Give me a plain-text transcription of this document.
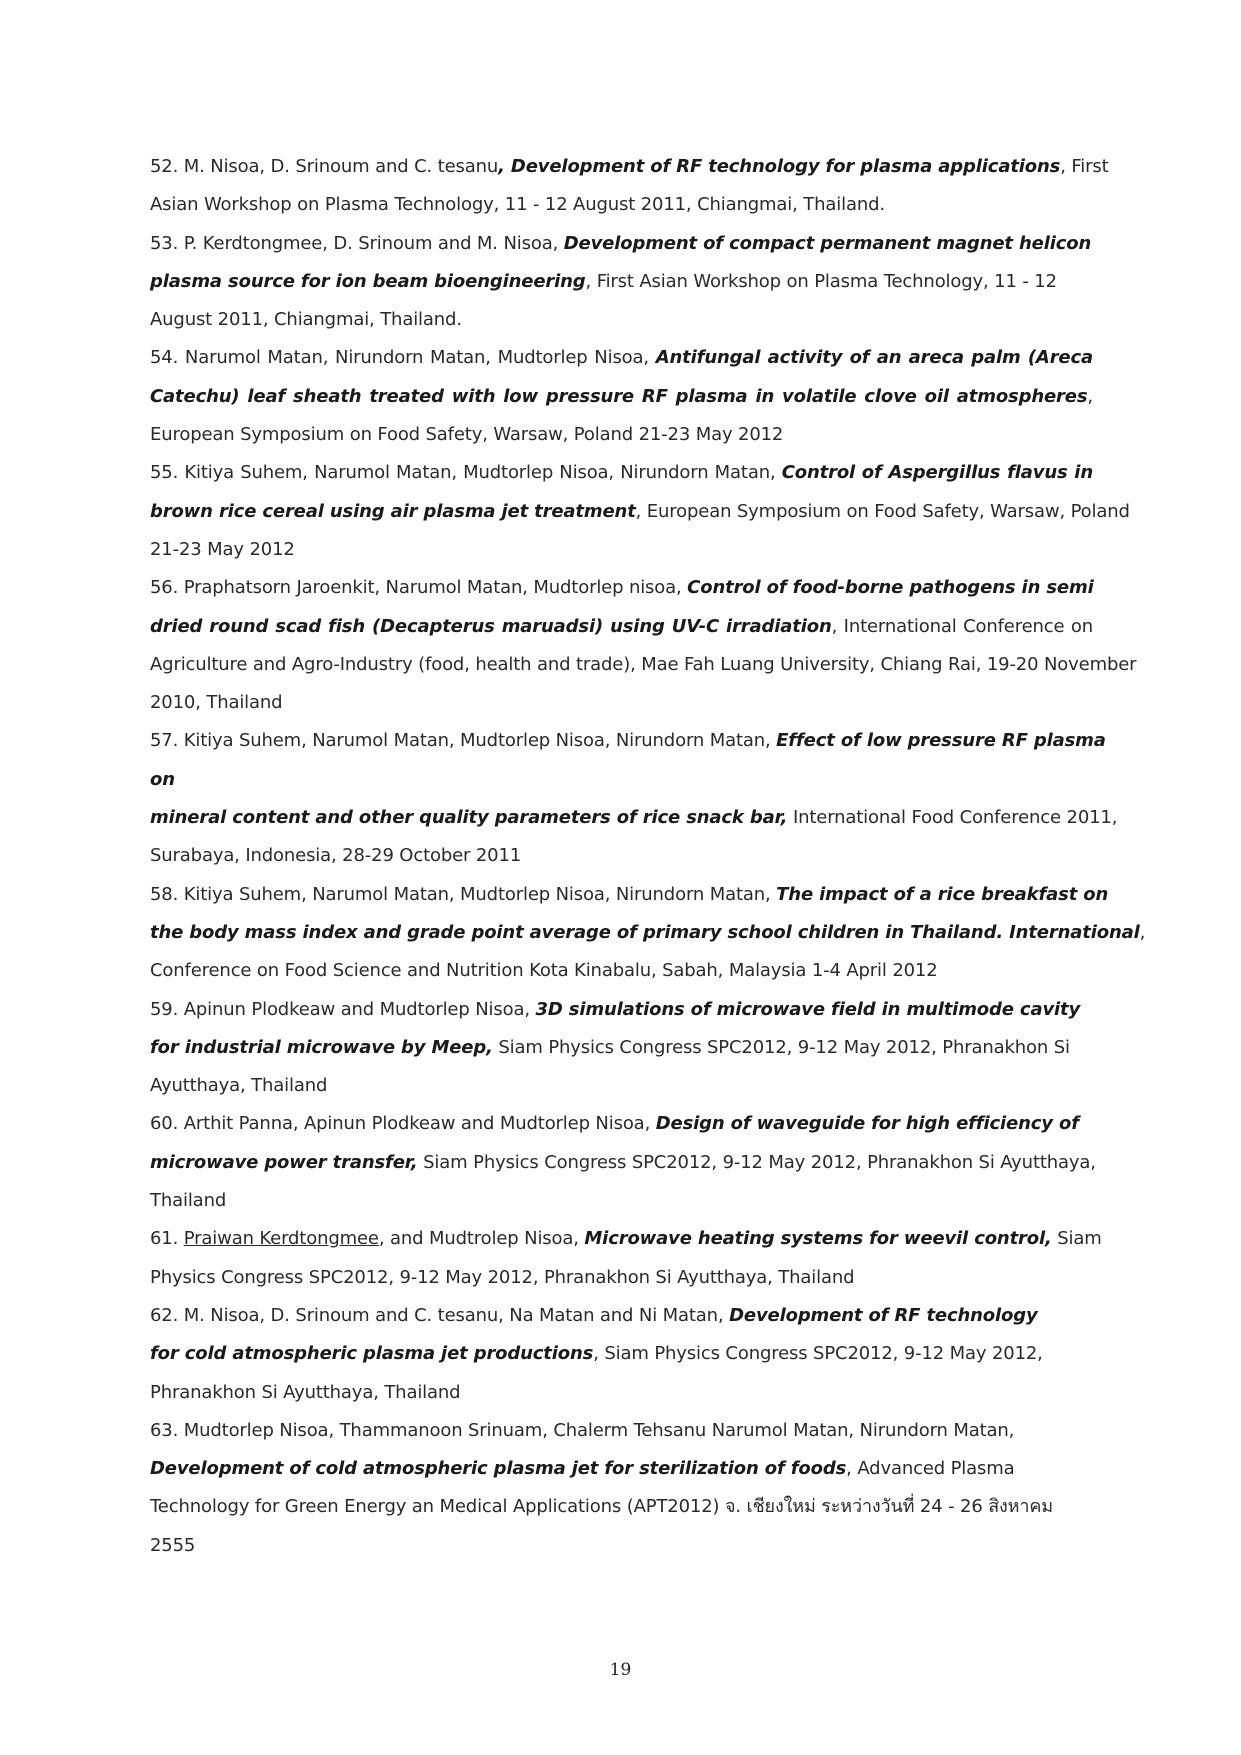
52. M. Nisoa, D. Srinoum and C. tesanu, Development of RF technology for plasma applications, First
Asian Workshop on Plasma Technology, 11 - 12 August 2011, Chiangmai, Thailand.
53. P. Kerdtongmee, D. Srinoum and M. Nisoa, Development of compact permanent magnet helicon
plasma source for ion beam bioengineering, First Asian Workshop on Plasma Technology, 11 - 12
August 2011, Chiangmai, Thailand.
54. Narumol Matan, Nirundorn Matan, Mudtorlep Nisoa, Antifungal activity of an areca palm (Areca
Catechu) leaf sheath treated with low pressure RF plasma in volatile clove oil atmospheres,
European Symposium on Food Safety, Warsaw, Poland 21-23 May 2012
55. Kitiya Suhem, Narumol Matan, Mudtorlep Nisoa, Nirundorn Matan, Control of Aspergillus flavus in
brown rice cereal using air plasma jet treatment, European Symposium on Food Safety, Warsaw, Poland
21-23 May 2012
56. Praphatsorn Jaroenkit, Narumol Matan, Mudtorlep nisoa, Control of food-borne pathogens in semi
dried round scad fish (Decapterus maruadsi) using UV-C irradiation, International Conference on
Agriculture and Agro-Industry (food, health and trade), Mae Fah Luang University, Chiang Rai, 19-20 November
2010, Thailand
57. Kitiya Suhem, Narumol Matan, Mudtorlep Nisoa, Nirundorn Matan, Effect of low pressure RF plasma
on
mineral content and other quality parameters of rice snack bar, International Food Conference 2011,
Surabaya, Indonesia, 28-29 October 2011
58. Kitiya Suhem, Narumol Matan, Mudtorlep Nisoa, Nirundorn Matan, The impact of a rice breakfast on
the body mass index and grade point average of primary school children in Thailand. International,
Conference on Food Science and Nutrition Kota Kinabalu, Sabah, Malaysia 1-4 April 2012
59. Apinun Plodkeaw and Mudtorlep Nisoa, 3D simulations of microwave field in multimode cavity
for industrial microwave by Meep, Siam Physics Congress SPC2012, 9-12 May 2012, Phranakhon Si
Ayutthaya, Thailand
60. Arthit Panna, Apinun Plodkeaw and Mudtorlep Nisoa, Design of waveguide for high efficiency of
microwave power transfer, Siam Physics Congress SPC2012, 9-12 May 2012, Phranakhon Si Ayutthaya,
Thailand
61. Praiwan Kerdtongmee, and Mudtrolep Nisoa, Microwave heating systems for weevil control, Siam
Physics Congress SPC2012, 9-12 May 2012, Phranakhon Si Ayutthaya, Thailand
62. M. Nisoa, D. Srinoum and C. tesanu, Na Matan and Ni Matan, Development of RF technology
for cold atmospheric plasma jet productions, Siam Physics Congress SPC2012, 9-12 May 2012,
Phranakhon Si Ayutthaya, Thailand
63. Mudtorlep Nisoa, Thammanoon Srinuam, Chalerm Tehsanu Narumol Matan, Nirundorn Matan,
Development of cold atmospheric plasma jet for sterilization of foods, Advanced Plasma
Technology for Green Energy an Medical Applications (APT2012) จ. เชียงใหม่ ระหว่างวันที่ 24 - 26 สิงหาคม
2555
19
